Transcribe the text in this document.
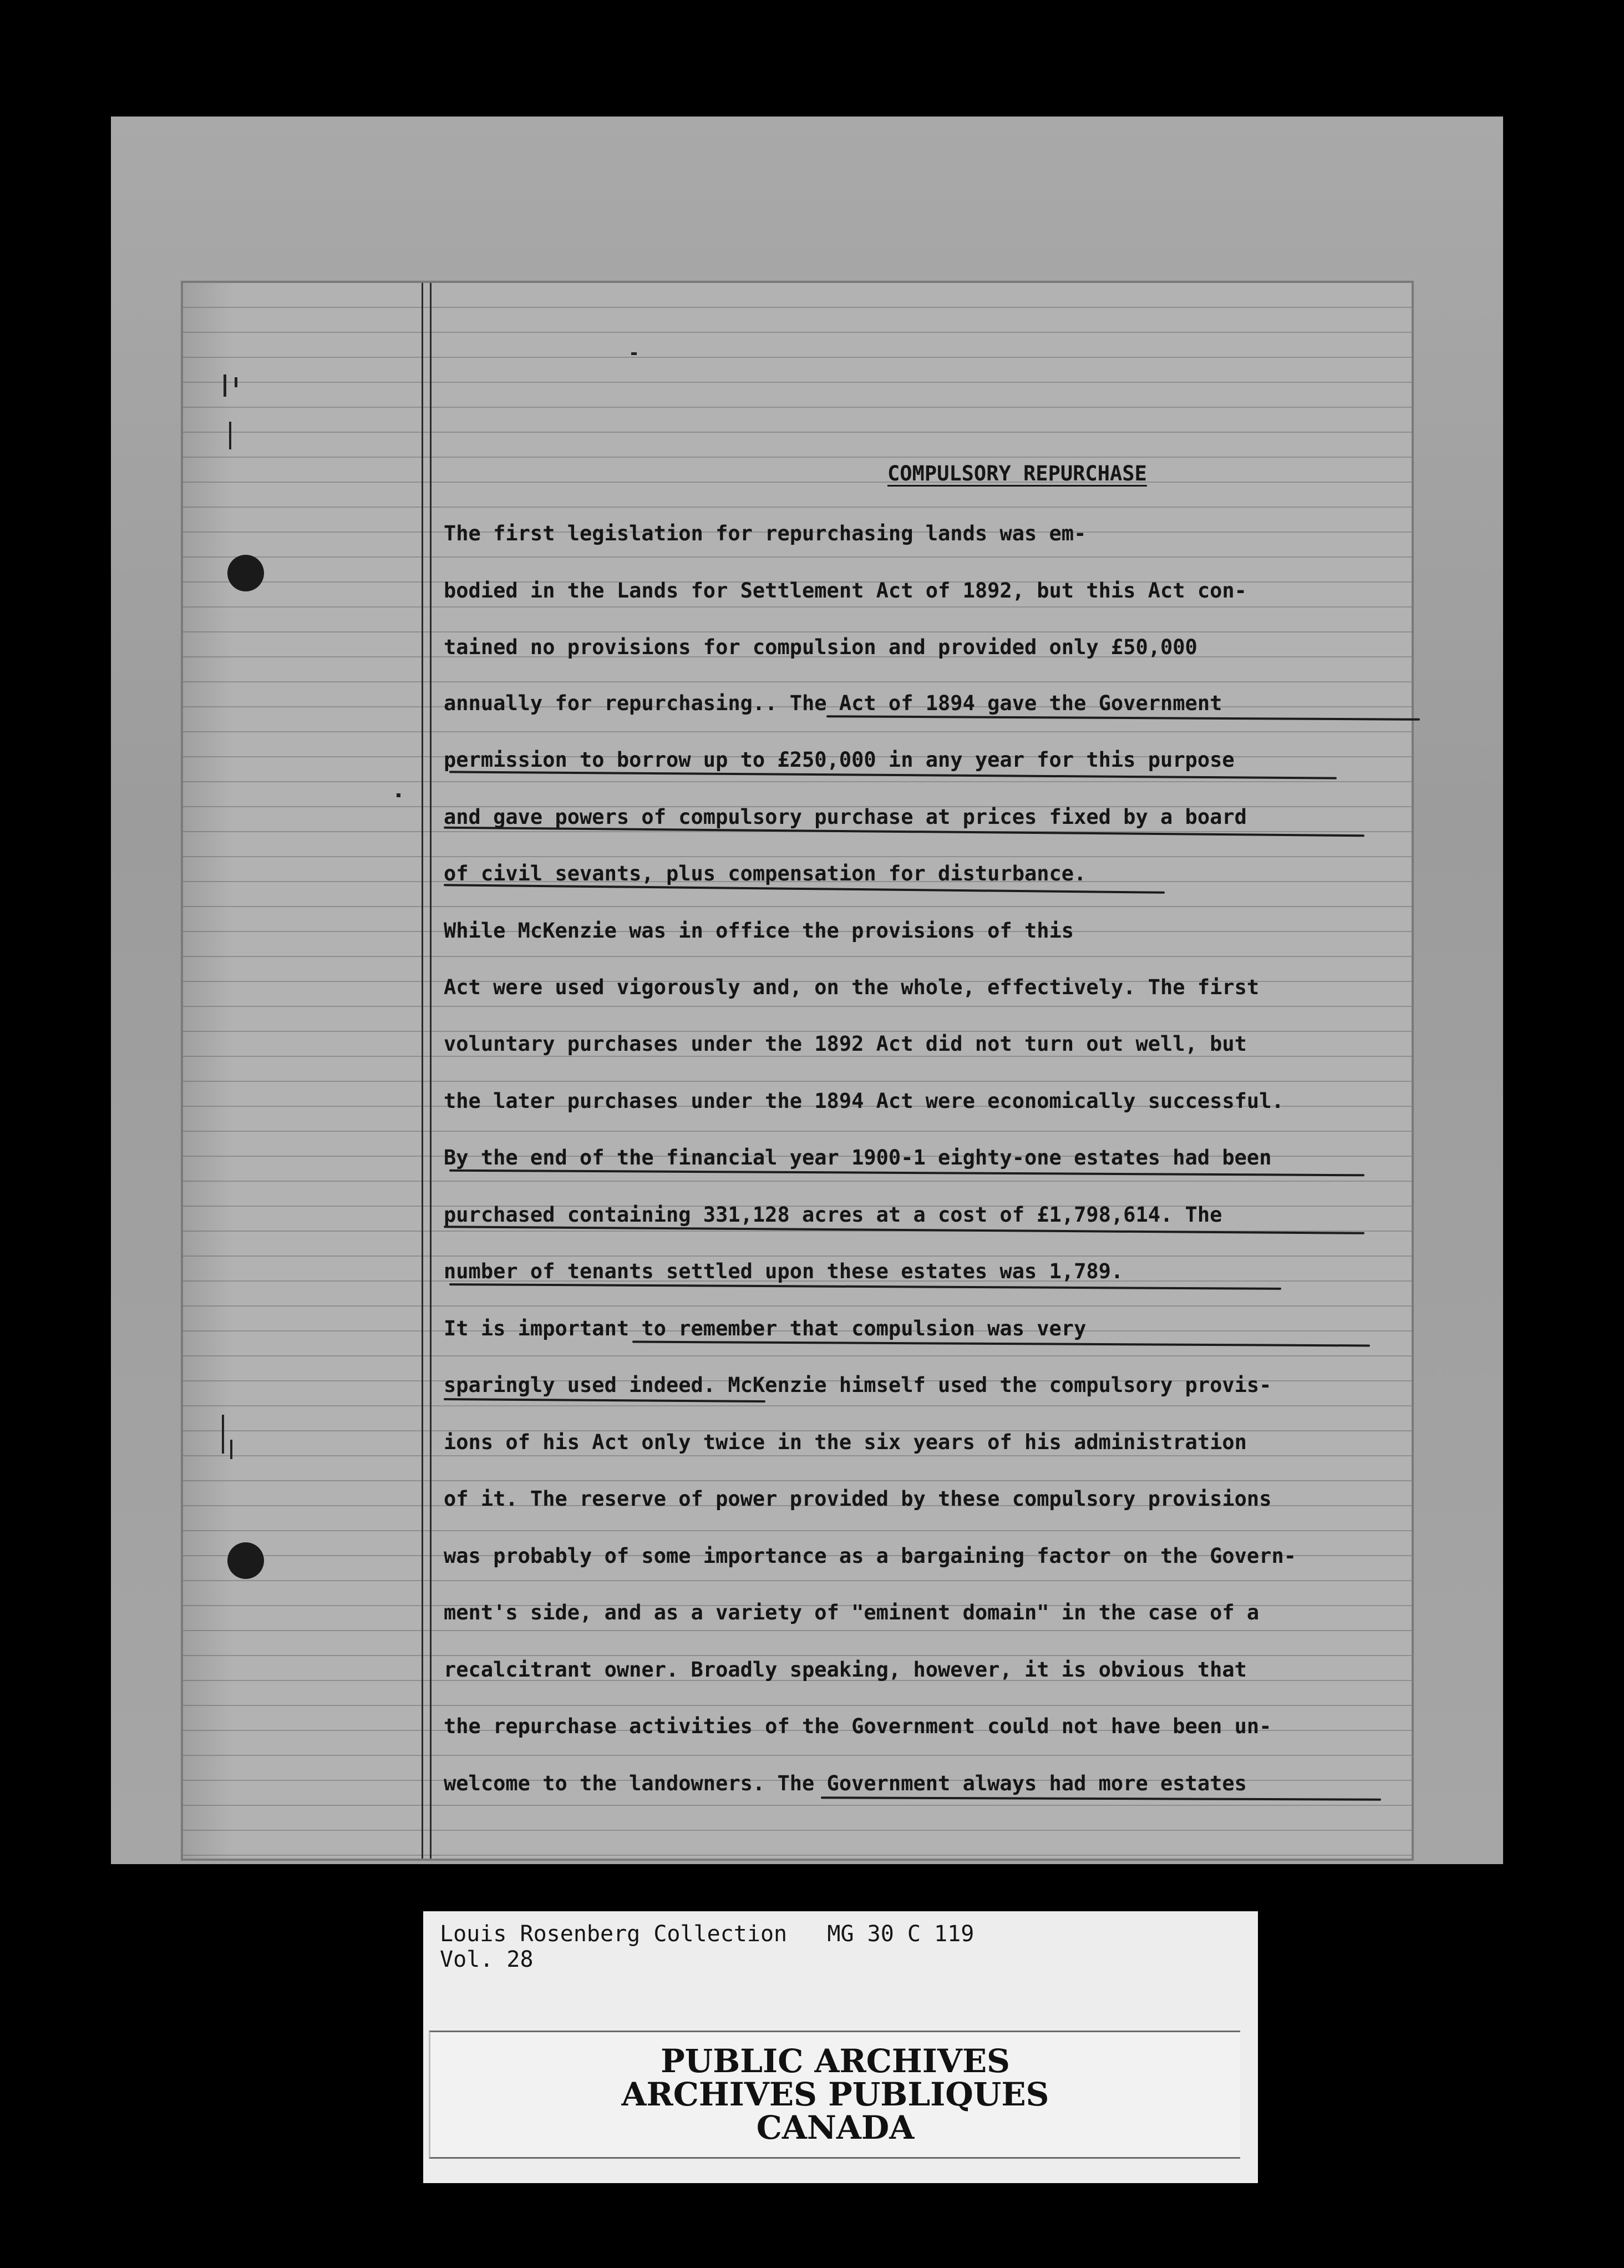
COMPULSORY REPURCHASE

The first legislation for repurchasing lands was em-
bodied in the Lands for Settlement Act of 1892, but this Act con-
tained no provisions for compulsion and provided only £50,000
annually for repurchasing.. The Act of 1894 gave the Government
permission to borrow up to £250,000 in any year for this purpose
and gave powers of compulsory purchase at prices fixed by a board
of civil sevants, plus compensation for disturbance.
While McKenzie was in office the provisions of this
Act were used vigorously and, on the whole, effectively. The first
voluntary purchases under the 1892 Act did not turn out well, but
the later purchases under the 1894 Act were economically successful.
By the end of the financial year 1900-1 eighty-one estates had been
purchased containing 331,128 acres at a cost of £1,798,614. The
number of tenants settled upon these estates was 1,789.
It is important to remember that compulsion was very
sparingly used indeed. McKenzie himself used the compulsory provis-
ions of his Act only twice in the six years of his administration
of it. The reserve of power provided by these compulsory provisions
was probably of some importance as a bargaining factor on the Govern-
ment's side, and as a variety of "eminent domain" in the case of a
recalcitrant owner. Broadly speaking, however, it is obvious that
the repurchase activities of the Government could not have been un-
welcome to the landowners. The Government always had more estates
Louis Rosenberg Collection   MG 30 C 119
Vol. 28

PUBLIC ARCHIVES

ARCHIVES PUBLIQUES

CANADA
